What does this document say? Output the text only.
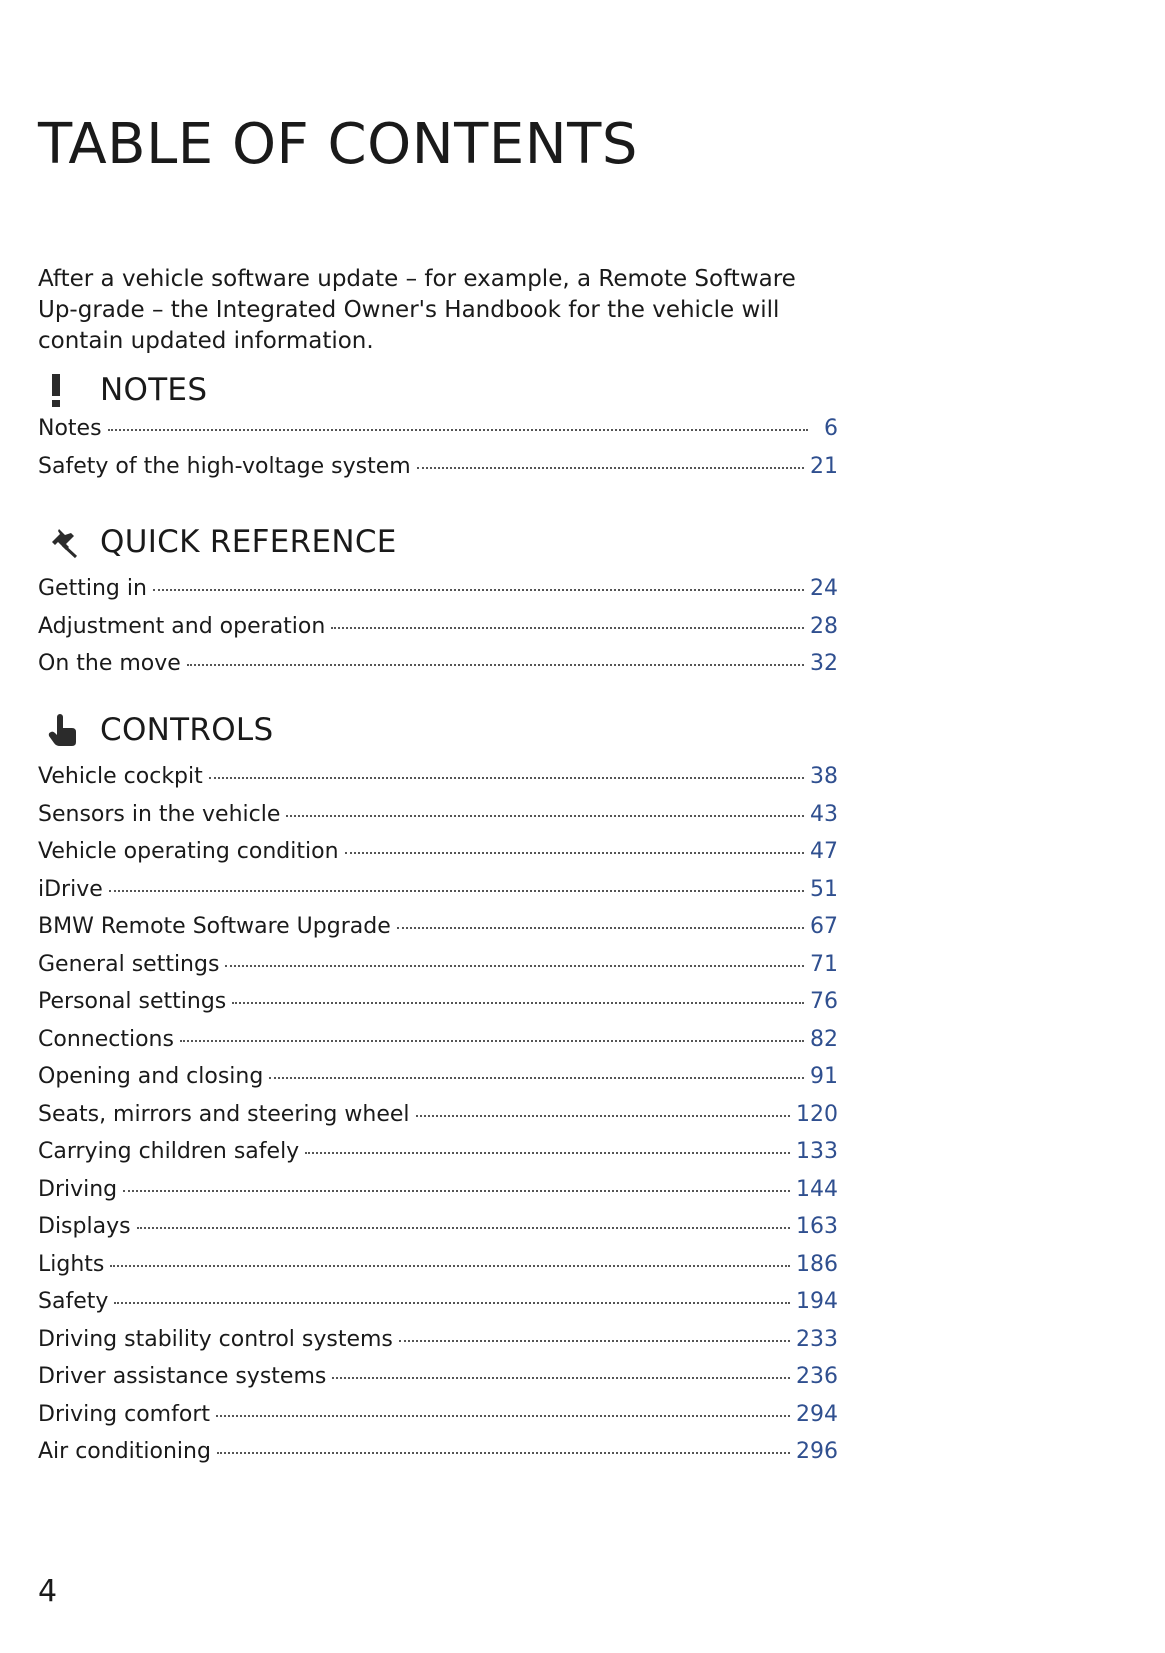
TABLE OF CONTENTS

After a vehicle software update – for example, a Remote Software Up-grade – the Integrated Owner's Handbook for the vehicle will contain updated information.

NOTES
Notes	6
Safety of the high-voltage system	21
QUICK REFERENCE
Getting in	24
Adjustment and operation	28
On the move	32
CONTROLS
Vehicle cockpit	38
Sensors in the vehicle	43
Vehicle operating condition	47
iDrive	51
BMW Remote Software Upgrade	67
General settings	71
Personal settings	76
Connections	82
Opening and closing	91
Seats, mirrors and steering wheel	120
Carrying children safely	133
Driving	144
Displays	163
Lights	186
Safety	194
Driving stability control systems	233
Driver assistance systems	236
Driving comfort	294
Air conditioning	296
4
